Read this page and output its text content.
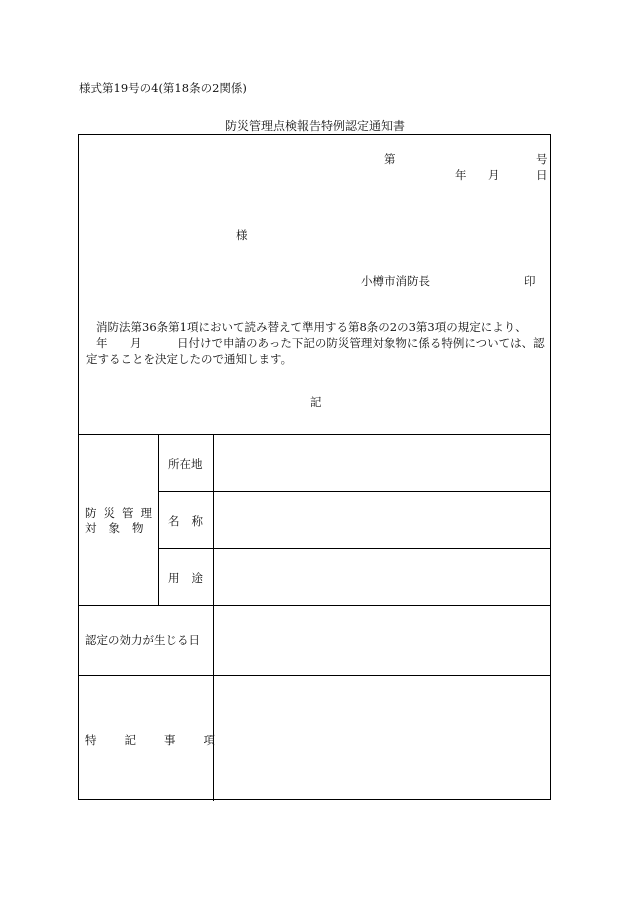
様式第19号の4(第18条の2関係)
防災管理点検報告特例認定通知書
第	号
年 月	日
様
小樽市消防長	印
消防法第36条第1項において読み替えて準用する第8条の2の3第3項の規定により、
年 月	日付けで申請のあった下記の防災管理対象物に係る特例については、認
定することを決定したので通知します。
記
防 災 管 理
対象物
所在地
名称
用途
認定の効力が生じる日
特記事項
